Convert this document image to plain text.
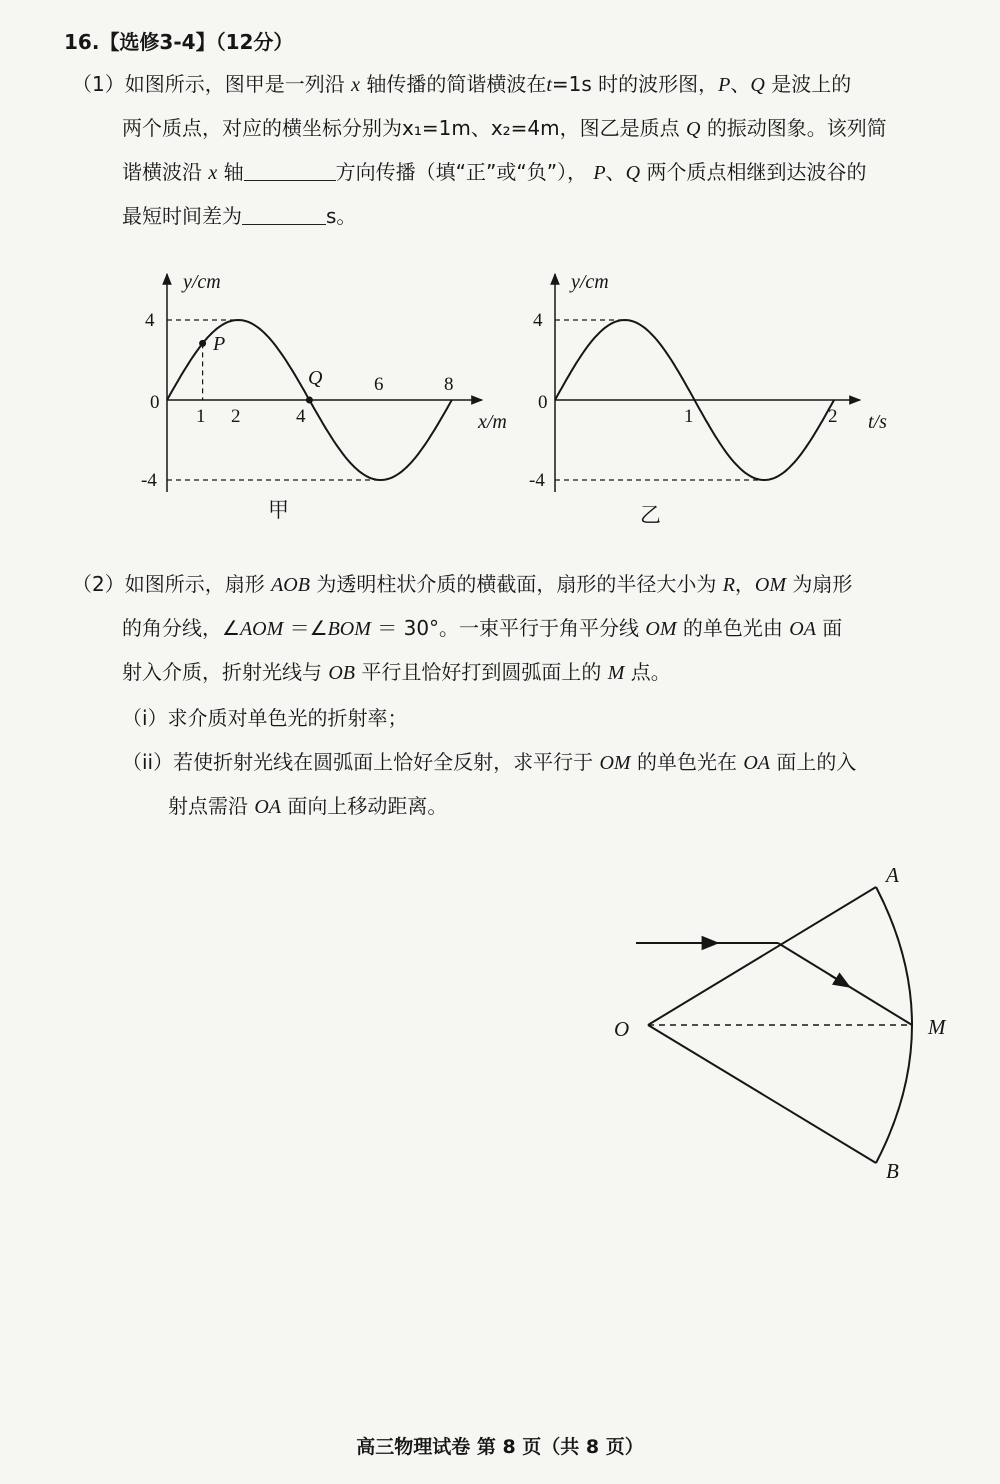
16.【选修3-4】（12分）
（1）如图所示，图甲是一列沿 x 轴传播的简谐横波在t=1s 时的波形图，P、Q 是波上的
两个质点，对应的横坐标分别为x₁=1m、x₂=4m，图乙是质点 Q 的振动图象。该列简
谐横波沿 x 轴	方向传播（填“正”或“负”）， P、Q 两个质点相继到达波谷的
最短时间差为	s。
y/cm
x/m
4
0
-4
1 2	4
6	8
P
Q
甲
y/cm
t/s
4
0
-4
1	2
乙
（2）如图所示，扇形 AOB 为透明柱状介质的横截面，扇形的半径大小为 R，OM 为扇形
的角分线，∠AOM ＝∠BOM ＝ 30°。一束平行于角平分线 OM 的单色光由 OA 面
射入介质，折射光线与 OB 平行且恰好打到圆弧面上的 M 点。
（i）求介质对单色光的折射率；
（ii）若使折射光线在圆弧面上恰好全反射，求平行于 OM 的单色光在 OA 面上的入
射点需沿 OA 面向上移动距离。
A
B
O	M
高三物理试卷 第 8 页（共 8 页）
